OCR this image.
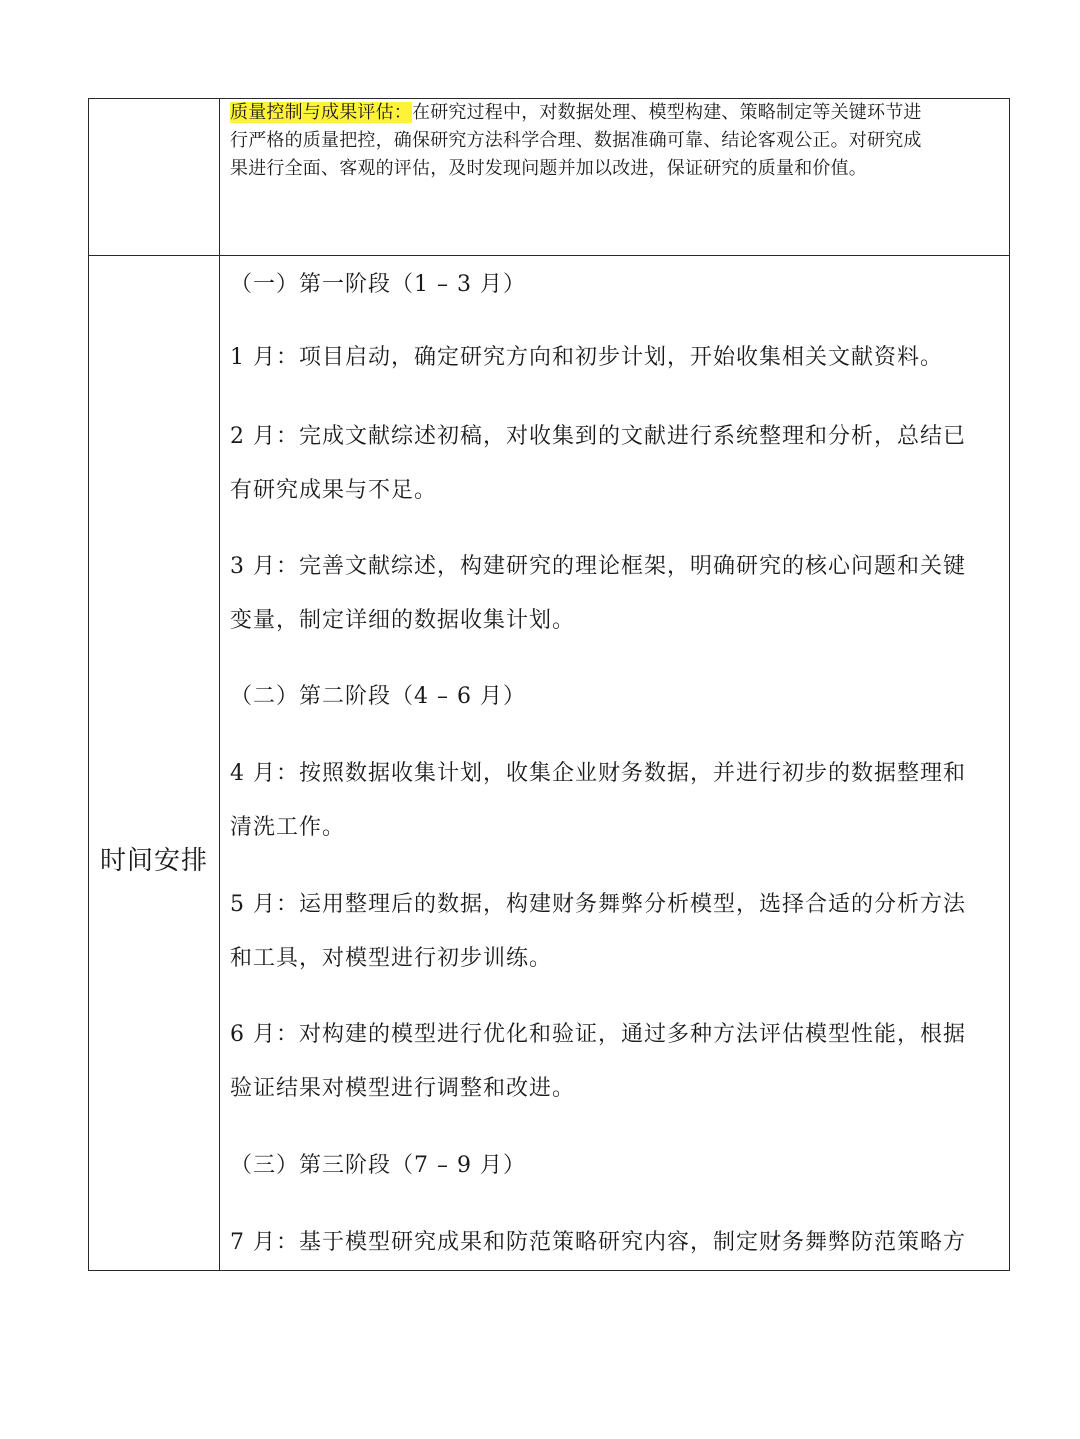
质量控制与成果评估：在研究过程中，对数据处理、模型构建、策略制定等关键环节进
行严格的质量把控，确保研究方法科学合理、数据准确可靠、结论客观公正。对研究成
果进行全面、客观的评估，及时发现问题并加以改进，保证研究的质量和价值。

时间安排

（一）第一阶段（1 – 3 月）

1 月：项目启动，确定研究方向和初步计划，开始收集相关文献资料。

2 月：完成文献综述初稿，对收集到的文献进行系统整理和分析，总结已

有研究成果与不足。

3 月：完善文献综述，构建研究的理论框架，明确研究的核心问题和关键

变量，制定详细的数据收集计划。

（二）第二阶段（4 – 6 月）

4 月：按照数据收集计划，收集企业财务数据，并进行初步的数据整理和

清洗工作。

5 月：运用整理后的数据，构建财务舞弊分析模型，选择合适的分析方法

和工具，对模型进行初步训练。

6 月：对构建的模型进行优化和验证，通过多种方法评估模型性能，根据

验证结果对模型进行调整和改进。

（三）第三阶段（7 – 9 月）

7 月：基于模型研究成果和防范策略研究内容，制定财务舞弊防范策略方
